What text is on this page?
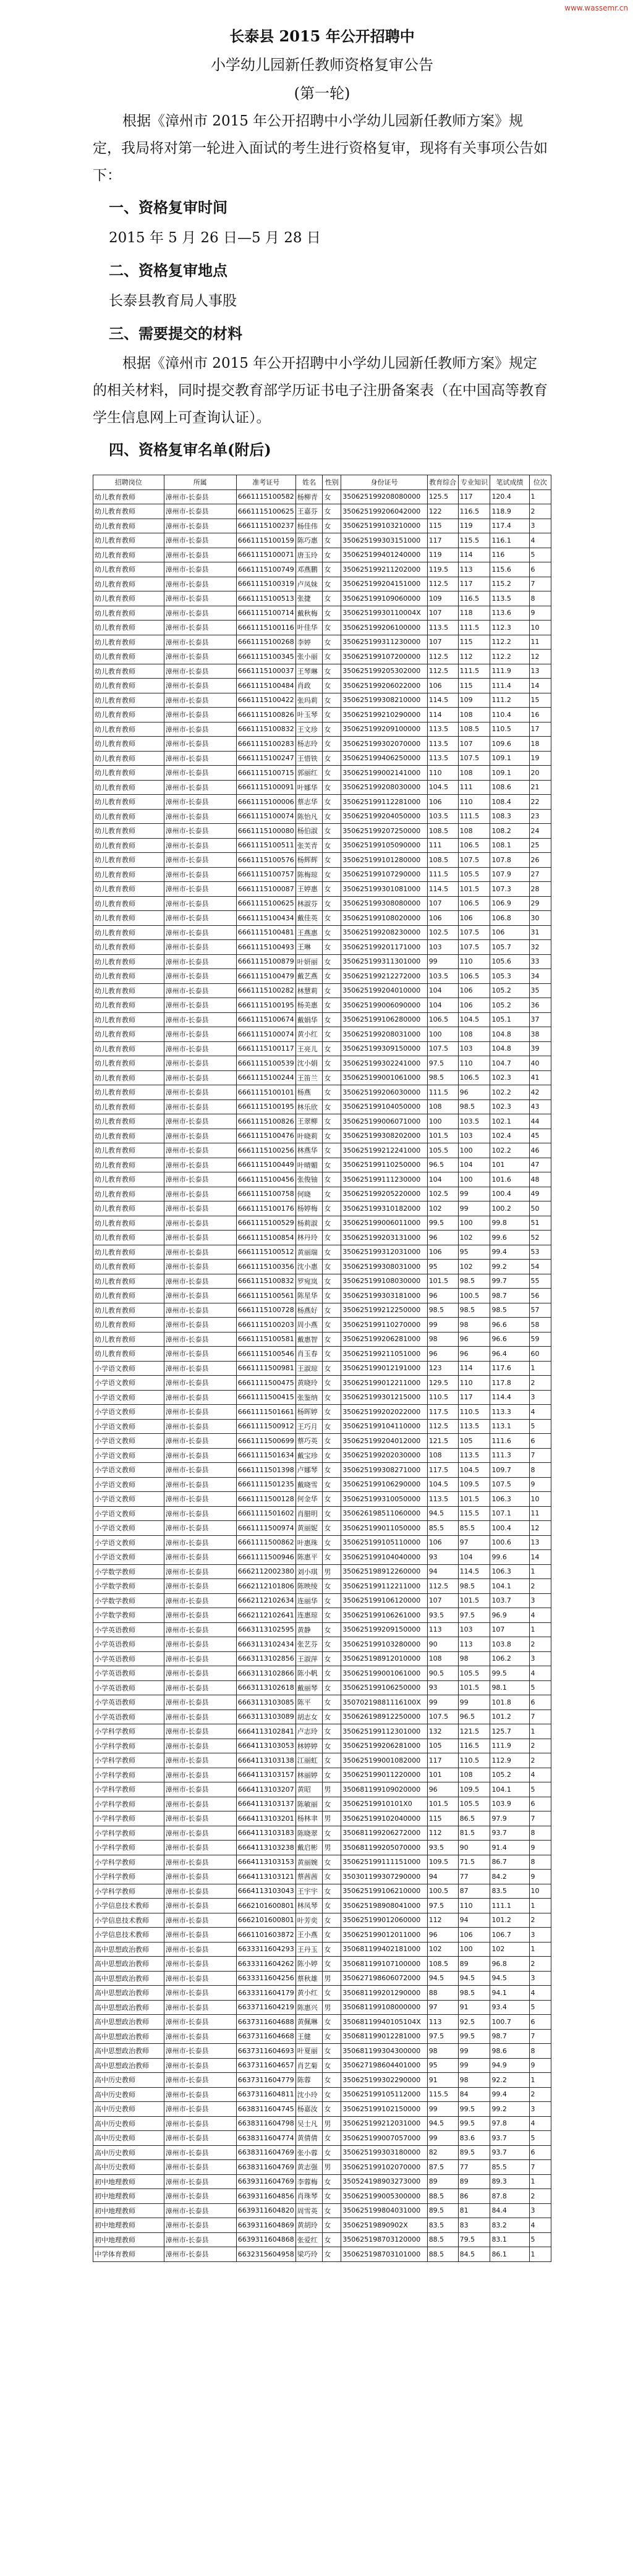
www.wassemr.cn
长泰县 2015 年公开招聘中
小学幼儿园新任教师资格复审公告
(第一轮)

根据《漳州市 2015 年公开招聘中小学幼儿园新任教师方案》规定，我局将对第一轮进入面试的考生进行资格复审，现将有关事项公告如下：

一、资格复审时间
2015 年 5 月 26 日—5 月 28 日
二、资格复审地点
长泰县教育局人事股
三、需要提交的材料

根据《漳州市 2015 年公开招聘中小学幼儿园新任教师方案》规定的相关材料，同时提交教育部学历证书电子注册备案表（在中国高等教育学生信息网上可查询认证）。

四、资格复审名单(附后)
招聘岗位	所属	准考证号	姓名	性别	身份证号	教育综合	专业知识	笔试成绩	位次
幼儿教育教师	漳州市-长泰县	6661115100582	杨柳青	女	350625199208080000	125.5	117	120.4	1
幼儿教育教师	漳州市-长泰县	6661115100625	王嘉芬	女	350625199206042000	122	116.5	118.9	2
幼儿教育教师	漳州市-长泰县	6661115100237	杨佳伟	女	350625199103210000	115	119	117.4	3
幼儿教育教师	漳州市-长泰县	6661115100159	陈巧惠	女	350625199303151000	117	115.5	116.1	4
幼儿教育教师	漳州市-长泰县	6661115100071	唐玉玲	女	350625199401240000	119	114	116	5
幼儿教育教师	漳州市-长泰县	6661115100749	邓燕鹏	女	350625199211202000	119.5	113	115.6	6
幼儿教育教师	漳州市-长泰县	6661115100319	卢凤妹	女	350625199204151000	112.5	117	115.2	7
幼儿教育教师	漳州市-长泰县	6661115100513	张捷	女	350625199109060000	109	116.5	113.5	8
幼儿教育教师	漳州市-长泰县	6661115100714	戴秋梅	女	35062519930110004X	107	118	113.6	9
幼儿教育教师	漳州市-长泰县	6661115100116	叶佳华	女	350625199206100000	113.5	111.5	112.3	10
幼儿教育教师	漳州市-长泰县	6661115100268	李婷	女	350625199311230000	107	115	112.2	11
幼儿教育教师	漳州市-长泰县	6661115100345	张小丽	女	350625199107200000	112.5	112	112.2	12
幼儿教育教师	漳州市-长泰县	6661115100037	王琴琳	女	350625199205302000	112.5	111.5	111.9	13
幼儿教育教师	漳州市-长泰县	6661115100484	肖政	女	350625199206022000	106	115	111.4	14
幼儿教育教师	漳州市-长泰县	6661115100422	张玛莉	女	350625199308210000	114.5	109	111.2	15
幼儿教育教师	漳州市-长泰县	6661115100826	叶玉琴	女	350625199210290000	114	108	110.4	16
幼儿教育教师	漳州市-长泰县	6661115100832	王文珍	女	350625199209100000	113.5	108.5	110.5	17
幼儿教育教师	漳州市-长泰县	6661115100283	杨志玲	女	350625199302070000	113.5	107	109.6	18
幼儿教育教师	漳州市-长泰县	6661115100247	王惜铁	女	350625199406250000	113.5	107.5	109.1	19
幼儿教育教师	漳州市-长泰县	6661115100715	郭丽红	女	350625199002141000	110	108	109.1	20
幼儿教育教师	漳州市-长泰县	6661115100091	叶娜华	女	350625199208030000	104.5	111	108.6	21
幼儿教育教师	漳州市-长泰县	6661115100006	蔡志华	女	350625199112281000	106	110	108.4	22
幼儿教育教师	漳州市-长泰县	6661115100074	陈怡凡	女	350625199204050000	103.5	111.5	108.3	23
幼儿教育教师	漳州市-长泰县	6661115100080	杨伯淑	女	350625199207250000	108.5	108	108.2	24
幼儿教育教师	漳州市-长泰县	6661115100511	张芙青	女	350625199105090000	111	106.5	108.1	25
幼儿教育教师	漳州市-长泰县	6661115100576	杨辉辉	女	350625199101280000	108.5	107.5	107.8	26
幼儿教育教师	漳州市-长泰县	6661115100757	陈梅琼	女	350625199107290000	111.5	105.5	107.9	27
幼儿教育教师	漳州市-长泰县	6661115100087	王婷惠	女	350625199301081000	114.5	101.5	107.3	28
幼儿教育教师	漳州市-长泰县	6661115100625	林淑芬	女	350625199308080000	107	106.5	106.9	29
幼儿教育教师	漳州市-长泰县	6661115100434	戴佳英	女	350625199108020000	106	106	106.8	30
幼儿教育教师	漳州市-长泰县	6661115100481	王燕惠	女	350625199208230000	102.5	107.5	106	31
幼儿教育教师	漳州市-长泰县	6661115100493	王琳	女	350625199201171000	103	107.5	105.7	32
幼儿教育教师	漳州市-长泰县	6661115100879	叶妍丽	女	350625199311301000	99	110	105.6	33
幼儿教育教师	漳州市-长泰县	6661115100479	戴艺燕	女	350625199212272000	103.5	106.5	105.3	34
幼儿教育教师	漳州市-长泰县	6661115100282	林慧莉	女	350625199204010000	104	106	105.2	35
幼儿教育教师	漳州市-长泰县	6661115100195	杨美惠	女	350625199006090000	104	106	105.2	36
幼儿教育教师	漳州市-长泰县	6661115100674	戴娟华	女	350625199106280000	106.5	104.5	105.1	37
幼儿教育教师	漳州市-长泰县	6661115100074	黄小红	女	350625199208031000	100	108	104.8	38
幼儿教育教师	漳州市-长泰县	6661115100117	王亮儿	女	350625199309150000	107.5	103	104.8	39
幼儿教育教师	漳州市-长泰县	6661115100539	沈小娟	女	350625199302241000	97.5	110	104.7	40
幼儿教育教师	漳州市-长泰县	6661115100244	王笛兰	女	350625199001061000	98.5	106.5	102.3	41
幼儿教育教师	漳州市-长泰县	6661115100101	杨燕	女	350625199206030000	111.5	96	102.2	42
幼儿教育教师	漳州市-长泰县	6661115100195	林乐欣	女	350625199104050000	108	98.5	102.3	43
幼儿教育教师	漳州市-长泰县	6661115100826	王翠柳	女	350625199006071000	100	103.5	102.1	44
幼儿教育教师	漳州市-长泰县	6661115100476	叶晓莉	女	350625199308202000	101.5	103	102.4	45
幼儿教育教师	漳州市-长泰县	6661115100256	林燕华	女	350625199212241000	105.5	100	102.2	46
幼儿教育教师	漳州市-长泰县	6661115100449	叶晴媚	女	350625199110250000	96.5	104	101	47
幼儿教育教师	漳州市-长泰县	6661115100456	张俊铀	女	350625199111230000	104	100	101.6	48
幼儿教育教师	漳州市-长泰县	6661115100758	何晓	女	350625199205220000	102.5	99	100.4	49
幼儿教育教师	漳州市-长泰县	6661115100176	杨婷梅	女	350625199310182000	102	99	100.2	50
幼儿教育教师	漳州市-长泰县	6661115100529	杨莉淑	女	350625199006011000	99.5	100	99.8	51
幼儿教育教师	漳州市-长泰县	6661115100854	林丹玲	女	350625199203131000	96	102	99.6	52
幼儿教育教师	漳州市-长泰县	6661115100512	黄丽瑞	女	350625199312031000	106	95	99.4	53
幼儿教育教师	漳州市-长泰县	6661115100356	沈小惠	女	350625199308031000	95	102	99.2	54
幼儿教育教师	漳州市-长泰县	6661115100832	罗宛岚	女	350625199108030000	101.5	98.5	99.7	55
幼儿教育教师	漳州市-长泰县	6661115100561	陈星华	女	350625199303181000	96	100.5	98.7	56
幼儿教育教师	漳州市-长泰县	6661115100728	杨燕好	女	350625199212250000	98.5	98.5	98.5	57
幼儿教育教师	漳州市-长泰县	6661115100203	周小燕	女	350625199110270000	99	98	96.6	58
幼儿教育教师	漳州市-长泰县	6661115100581	戴惠智	女	350625199206281000	98	96	96.6	59
幼儿教育教师	漳州市-长泰县	6661115100546	肖玉春	女	350625199211051000	96	96	96.4	60
小学语文教师	漳州市-长泰县	6661111500981	王淑琼	女	350625199012191000	123	114	117.6	1
小学语文教师	漳州市-长泰县	6661111500475	黄晓玲	女	350625199012211000	129.5	110	117.8	2
小学语文教师	漳州市-长泰县	6661111500415	张鉴纳	女	350625199301215000	110.5	117	114.4	3
小学语文教师	漳州市-长泰县	6661111501661	杨晖婷	女	350625199202022000	117.5	110.5	113.3	4
小学语文教师	漳州市-长泰县	6661111500912	王巧月	女	350625199104110000	112.5	113.5	113.1	5
小学语文教师	漳州市-长泰县	6661111500699	蔡巧英	女	350625199204012000	121.5	105	111.6	6
小学语文教师	漳州市-长泰县	6661111501634	戴宝珍	女	350625199202030000	108	113.5	111.3	7
小学语文教师	漳州市-长泰县	6661111501398	卢娜琴	女	350625199308271000	117.5	104.5	109.7	8
小学语文教师	漳州市-长泰县	6661111501235	戴晓雪	女	350625199106290000	104.5	109.5	107.5	9
小学语文教师	漳州市-长泰县	6661111500128	何金华	女	350625199310050000	113.5	101.5	106.3	10
小学语文教师	漳州市-长泰县	6661111501602	肖腊明	女	350626198511060000	94.5	115.5	107.1	11
小学语文教师	漳州市-长泰县	6661111500974	黄丽妮	女	350625199011050000	85.5	85.5	100.4	12
小学语文教师	漳州市-长泰县	6661111500862	叶惠珠	女	350625199105110000	106	97	100.6	13
小学语文教师	漳州市-长泰县	6661111500946	陈惠平	女	350625199104040000	93	104	99.6	14
小学数学教师	漳州市-长泰县	6662112002380	刘小琪	男	350625198912260000	94	114.5	106.3	1
小学数学教师	漳州市-长泰县	6662112101806	陈映绫	女	350625199112211000	112.5	98.5	104.1	2
小学数学教师	漳州市-长泰县	6662112102634	连丽华	女	350625199106120000	107	101.5	103.7	3
小学数学教师	漳州市-长泰县	6662112102641	连惠琼	女	350625199106261000	93.5	97.5	96.9	4
小学英语教师	漳州市-长泰县	6663113102595	黄静	女	350625199209150000	113	103	107	1
小学英语教师	漳州市-长泰县	6663113102434	张艺芬	女	350625199103280000	90	113	103.8	2
小学英语教师	漳州市-长泰县	6663113102856	王淑萍	女	350625198912010000	108	98	106.2	3
小学英语教师	漳州市-长泰县	6663113102866	陈小帆	女	350625199001061000	90.5	105.5	99.5	4
小学英语教师	漳州市-长泰县	6663113102618	戴丽琴	女	350625199106250000	93	101.5	98.1	5
小学英语教师	漳州市-长泰县	6663113103085	陈平	女	35070219881116100X	99	99	101.8	6
小学英语教师	漳州市-长泰县	6663113103089	胡志女	女	350626198912250000	107.5	96.5	101.2	7
小学科学教师	漳州市-长泰县	6664113102841	卢志玲	女	350625199112301000	132	121.5	125.7	1
小学科学教师	漳州市-长泰县	6664113103053	林婷婷	女	350625199206281000	105	116.5	111.9	2
小学科学教师	漳州市-长泰县	6664113103138	江丽虹	女	350625199001082000	117	110.5	112.9	2
小学科学教师	漳州市-长泰县	6664113103157	林丽婷	女	350625199011220000	101	108	105.2	4
小学科学教师	漳州市-长泰县	6664113103207	黄昭	男	350681199109020000	96	109.5	104.1	5
小学科学教师	漳州市-长泰县	6664113103137	陈敏丽	女	35062519910101X0	101.5	105.5	103.9	6
小学科学教师	漳州市-长泰县	6664113103201	杨林聿	男	350625199102040000	115	86.5	97.9	7
小学科学教师	漳州市-长泰县	6664113103183	陈晓翠	女	350681199206272000	112	81.5	93.7	8
小学科学教师	漳州市-长泰县	6664113103238	戴启彬	男	350681199205070000	93.5	90	91.4	9
小学科学教师	漳州市-长泰县	6664113103153	黄丽婉	女	350625199111151000	109.5	71.5	86.7	8
小学科学教师	漳州市-长泰县	6664113103121	蔡茜茜	女	350301199307290000	94	77	84.2	9
小学科学教师	漳州市-长泰县	6664113103043	王宇宇	女	350625199106210000	100.5	87	83.5	10
小学信息技术教师	漳州市-长泰县	6662101600801	林凤琴	女	350625198908041000	97.5	110	111.1	1
小学信息技术教师	漳州市-长泰县	6662101600801	叶芳奕	女	350625199012060000	112	94	101.2	2
小学信息技术教师	漳州市-长泰县	6661101603872	王小燕	女	350625199012011000	96	106	106.7	3
高中思想政治教师	漳州市-长泰县	6633311604293	王丹玉	女	350681199402181000	102	100	102	1
高中思想政治教师	漳州市-长泰县	6633311604262	陈小婷	女	350681199107100000	108.5	89	96.8	2
高中思想政治教师	漳州市-长泰县	6633311604256	蔡秋雄	男	350627198606072000	94.5	94.5	94.5	3
高中思想政治教师	漳州市-长泰县	6633311604179	黄小红	女	350681199201290000	88	98.5	94.1	4
高中思想政治教师	漳州市-长泰县	6633711604219	陈惠兴	男	350681199108000000	97	91	93.4	5
高中思想政治教师	漳州市-长泰县	6637311604688	黄佩琳	女	35068119940105104X	113	92.5	100.7	6
高中思想政治教师	漳州市-长泰县	6637311604668	王健	女	350681199012281000	97.5	99.5	98.7	7
高中思想政治教师	漳州市-长泰县	6637311604693	叶夏丽	女	350681199304300000	98	99	98.6	8
高中思想政治教师	漳州市-长泰县	6637311604657	肖艺菊	女	350627198604401000	95	99	94.9	9
高中历史教师	漳州市-长泰县	6637311604779	陈蓉	女	350625199302290000	91	98	92.2	1
高中历史教师	漳州市-长泰县	6637311604811	沈小玲	女	350625199105112000	115.5	84	99.4	2
高中历史教师	漳州市-长泰县	6638311604745	杨嘉汝	女	350625199102150000	99	99.5	99.2	3
高中历史教师	漳州市-长泰县	6638311604798	吴士凡	男	350625199212031000	94.5	99.5	97.8	4
高中历史教师	漳州市-长泰县	6638311604774	黄倩倩	女	350625199007057000	99	83.6	93.7	5
高中历史教师	漳州市-长泰县	6638311604769	张小蓉	女	350625199303180000	82	89.5	93.7	6
高中历史教师	漳州市-长泰县	6638311604769	黄志强	男	350625199102070000	87.5	77	85.5	7
初中地理教师	漳州市-长泰县	6639311604769	李蓉梅	女	350524198903273000	89	89	89.3	1
初中地理教师	漳州市-长泰县	6639311604856	肖珠琴	女	350625199005300000	88.5	86	87.8	2
初中地理教师	漳州市-长泰县	6639311604820	周雪英	女	350625199804031000	89.5	81	84.4	3
初中地理教师	漳州市-长泰县	6639311604869	黄胡玲	女	35062519890902X	83.5	83	83.2	4
初中地理教师	漳州市-长泰县	6639311604868	张爱红	女	350625198703120000	88.5	79.5	83.1	5
中学体育教师	漳州市-长泰县	6632315604958	梁巧玲	女	350625198703101000	88.5	84.5	86.1	1
